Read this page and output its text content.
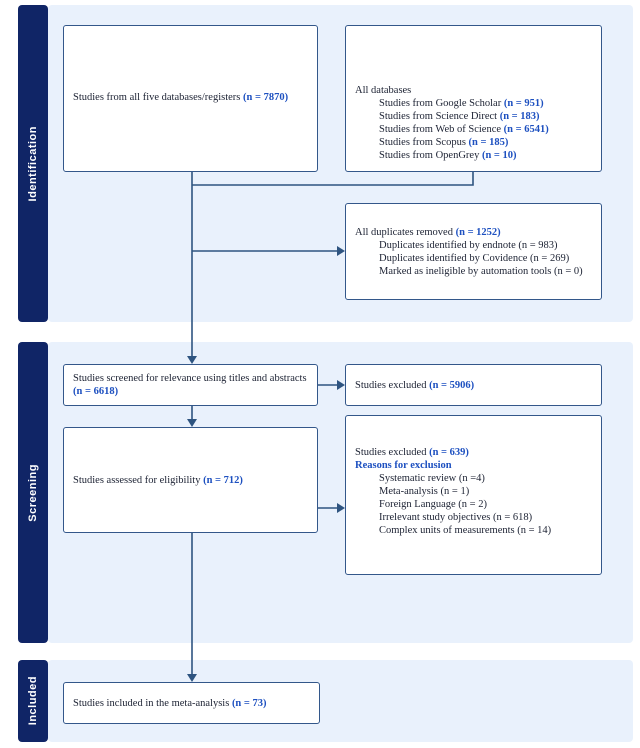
Identification
Screening
Included
Studies from all five databases/registers (n = 7870)
All databases
Studies from Google Scholar (n = 951)
Studies from Science Direct (n = 183)
Studies from Web of Science (n = 6541)
Studies from Scopus (n = 185)
Studies from OpenGrey (n = 10)
All duplicates removed (n = 1252)
Duplicates identified by endnote (n = 983)
Duplicates identified by Covidence (n = 269)
Marked as ineligible by automation tools (n = 0)
Studies screened for relevance using titles and abstracts (n = 6618)
Studies excluded (n = 5906)
Studies assessed for eligibility (n = 712)
Studies excluded (n = 639)
Reasons for exclusion
Systematic review (n =4)
Meta-analysis (n = 1)
Foreign Language (n = 2)
Irrelevant study objectives (n = 618)
Complex units of measurements (n = 14)
Studies included in the meta-analysis (n = 73)
